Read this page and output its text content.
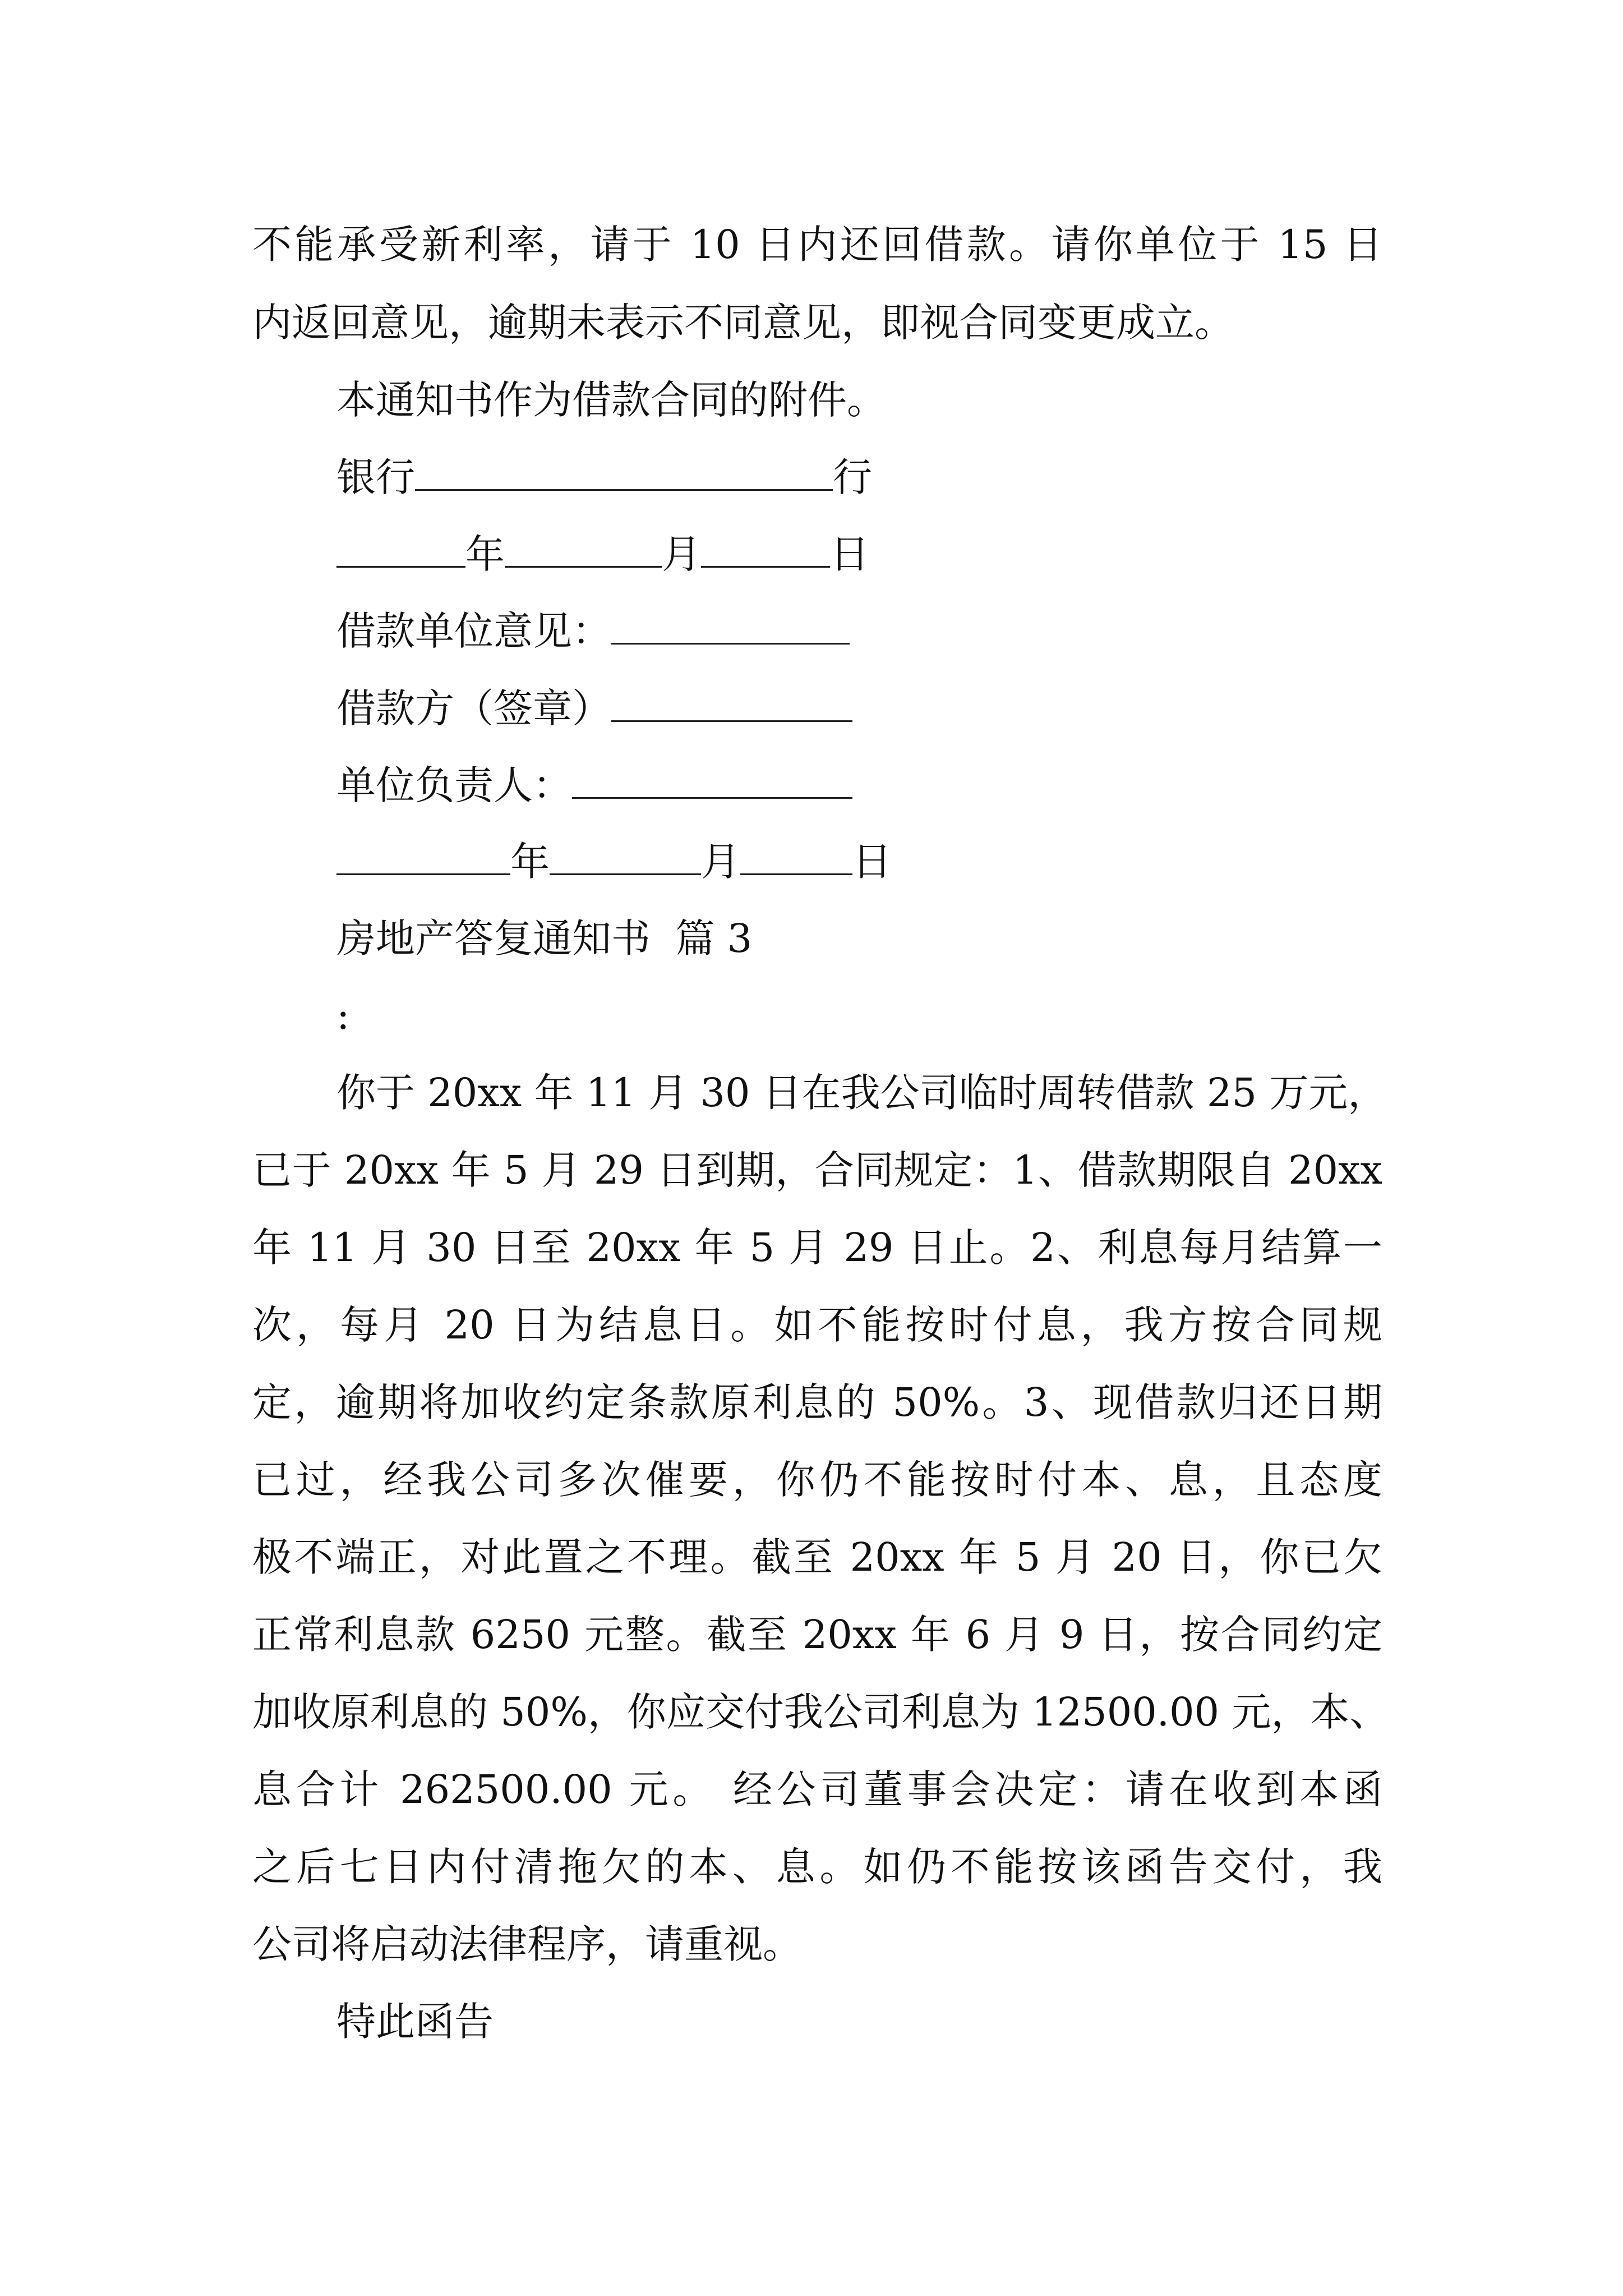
不能承受新利率，请于 10 日内还回借款。请你单位于 15 日

内返回意见，逾期未表示不同意见，即视合同变更成立。

本通知书作为借款合同的附件。

银行	行
年	月	日
借款单位意见：
借款方（签章）
单位负责人：
年	月	日

房地产答复通知书  篇 3

:

你于 20xx 年 11 月 30 日在我公司临时周转借款 25 万元，

已于 20xx 年 5 月 29 日到期，合同规定：1、借款期限自 20xx

年 11 月 30 日至 20xx 年 5 月 29 日止。2、利息每月结算一

次，每月 20 日为结息日。如不能按时付息，我方按合同规

定，逾期将加收约定条款原利息的 50%。3、现借款归还日期

已过，经我公司多次催要，你仍不能按时付本、息，且态度

极不端正，对此置之不理。截至 20xx 年 5 月 20 日，你已欠

正常利息款 6250 元整。截至 20xx 年 6 月 9 日，按合同约定

加收原利息的 50%，你应交付我公司利息为 12500.00 元，本、

息合计 262500.00 元。 经公司董事会决定：请在收到本函

之后七日内付清拖欠的本、息。如仍不能按该函告交付，我

公司将启动法律程序，请重视。

特此函告
